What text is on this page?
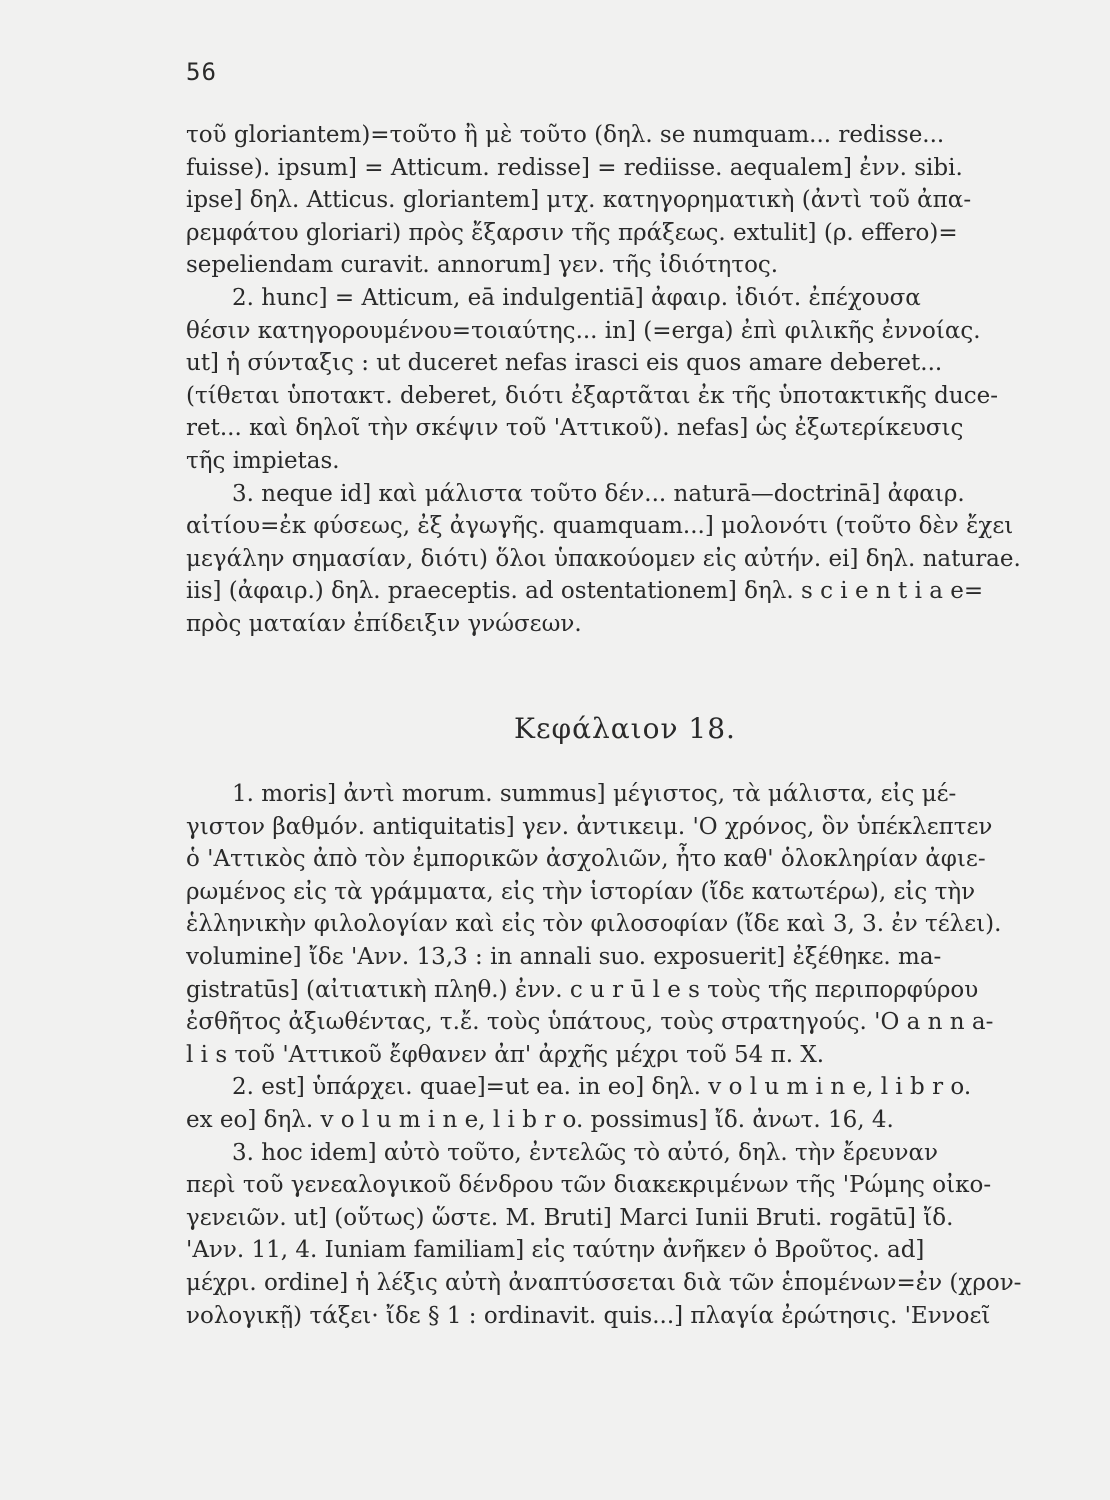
56
τοῦ gloriantem)=τοῦτο ἢ μὲ τοῦτο (δηλ. se numquam... redisse...
fuisse). ipsum] = Atticum. redisse] = rediisse. aequalem] ἐνν. sibi.
ipse] δηλ. Atticus. gloriantem] μτχ. κατηγορηματικὴ (ἀντὶ τοῦ ἀπα-
ρεμφάτου gloriari) πρὸς ἔξαρσιν τῆς πράξεως. extulit] (ρ. effero)=
sepeliendam curavit. annorum] γεν. τῆς ἰδιότητος.
2. hunc] = Atticum, eā indulgentiā] ἀφαιρ. ἰδιότ. ἐπέχουσα
θέσιν κατηγορουμένου=τοιαύτης... in] (=erga) ἐπὶ φιλικῆς ἐννοίας.
ut] ἡ σύνταξις : ut duceret nefas irasci eis quos amare deberet...
(τίθεται ὑποτακτ. deberet, διότι ἐξαρτᾶται ἐκ τῆς ὑποτακτικῆς duce-
ret... καὶ δηλοῖ τὴν σκέψιν τοῦ 'Αττικοῦ). nefas] ὡς ἐξωτερίκευσις
τῆς impietas.
3. neque id] καὶ μάλιστα τοῦτο δέν... naturā—doctrinā] ἀφαιρ.
αἰτίου=ἐκ φύσεως, ἐξ ἀγωγῆς. quamquam...] μολονότι (τοῦτο δὲν ἔχει
μεγάλην σημασίαν, διότι) ὅλοι ὑπακούομεν εἰς αὐτήν. ei] δηλ. naturae.
iis] (ἀφαιρ.) δηλ. praeceptis. ad ostentationem] δηλ. s c i e n t i a e=
πρὸς ματαίαν ἐπίδειξιν γνώσεων.
Κεφάλαιον 18.
1. moris] ἀντὶ morum. summus] μέγιστος, τὰ μάλιστα, εἰς μέ-
γιστον βαθμόν. antiquitatis] γεν. ἀντικειμ. 'Ο χρόνος, ὃν ὑπέκλεπτεν
ὁ 'Αττικὸς ἀπὸ τὸν ἐμπορικῶν ἀσχολιῶν, ἦτο καθ' ὁλοκληρίαν ἀφιε-
ρωμένος εἰς τὰ γράμματα, εἰς τὴν ἱστορίαν (ἴδε κατωτέρω), εἰς τὴν
ἑλληνικὴν φιλολογίαν καὶ εἰς τὸν φιλοσοφίαν (ἴδε καὶ 3, 3. ἐν τέλει).
volumine] ἴδε 'Ανν. 13,3 : in annali suo. exposuerit] ἐξέθηκε. ma-
gistratūs] (αἰτιατικὴ πληθ.) ἐνν. c u r ū l e s τοὺς τῆς περιπορφύρου
ἐσθῆτος ἀξιωθέντας, τ.ἔ. τοὺς ὑπάτους, τοὺς στρατηγούς. 'Ο a n n a-
l i s τοῦ 'Αττικοῦ ἔφθανεν ἀπ' ἀρχῆς μέχρι τοῦ 54 π. Χ.
2. est] ὑπάρχει. quae]=ut ea. in eo] δηλ. v o l u m i n e, l i b r o.
ex eo] δηλ. v o l u m i n e, l i b r o. possimus] ἴδ. ἀνωτ. 16, 4.
3. hoc idem] αὐτὸ τοῦτο, ἐντελῶς τὸ αὐτό, δηλ. τὴν ἔρευναν
περὶ τοῦ γενεαλογικοῦ δένδρου τῶν διακεκριμένων τῆς 'Ρώμης οἰκο-
γενειῶν. ut] (οὕτως) ὥστε. M. Bruti] Marci Iunii Bruti. rogātū] ἴδ.
'Ανν. 11, 4. Iuniam familiam] εἰς ταύτην ἀνῆκεν ὁ Βροῦτος. ad]
μέχρι. ordine] ἡ λέξις αὐτὴ ἀναπτύσσεται διὰ τῶν ἑπομένων=ἐν (χρον-
νολογικῇ) τάξει· ἴδε § 1 : ordinavit. quis...] πλαγία ἐρώτησις. 'Εννοεῖ
